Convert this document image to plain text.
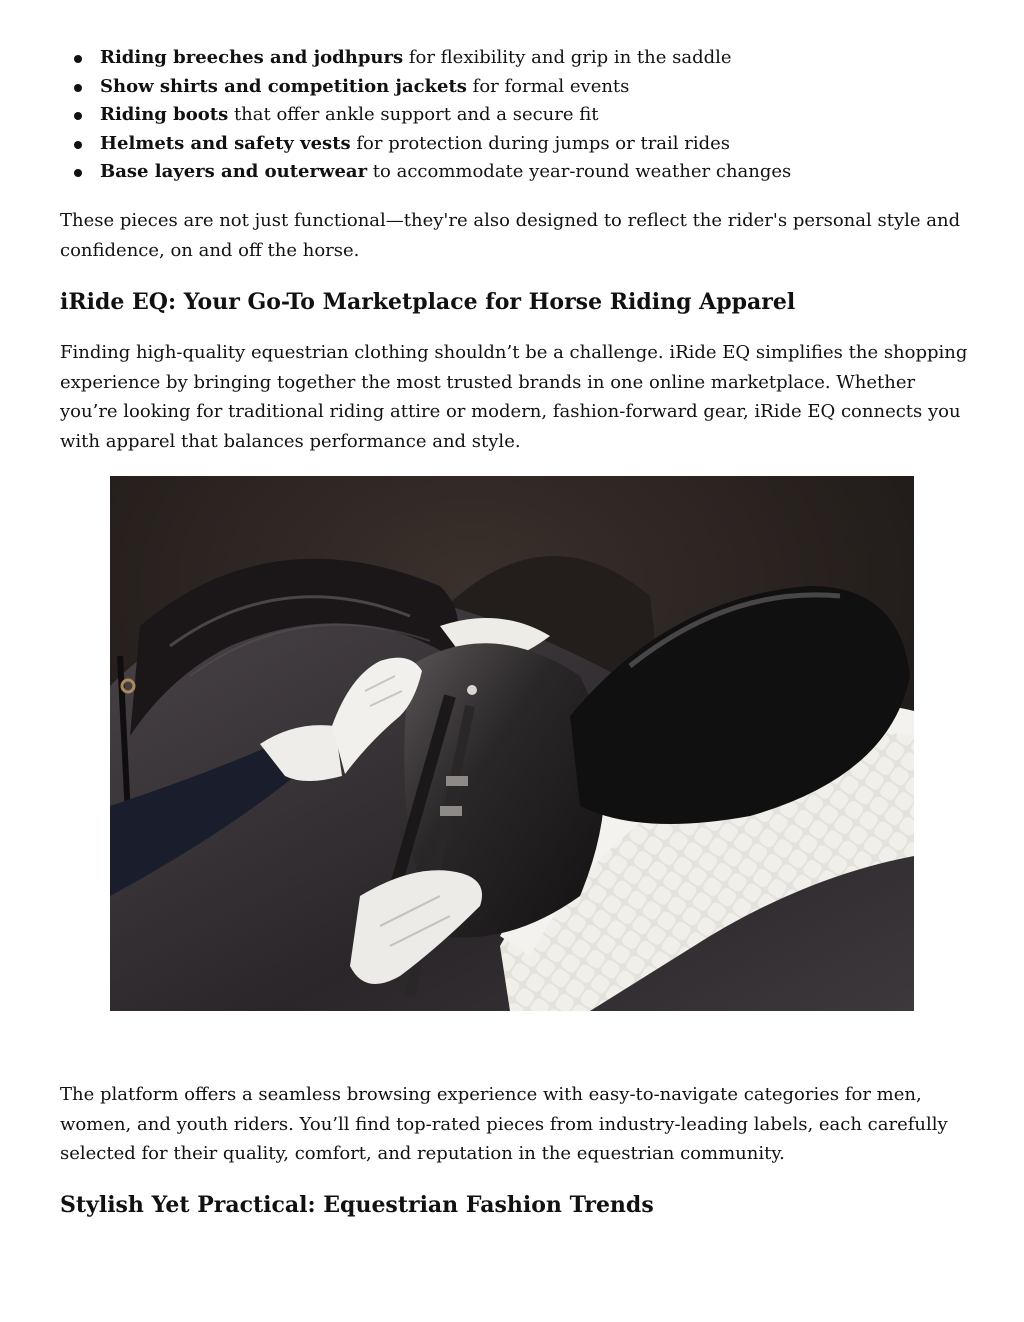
Riding breeches and jodhpurs for flexibility and grip in the saddle
Show shirts and competition jackets for formal events
Riding boots that offer ankle support and a secure fit
Helmets and safety vests for protection during jumps or trail rides
Base layers and outerwear to accommodate year-round weather changes

These pieces are not just functional—they're also designed to reflect the rider's personal style and confidence, on and off the horse.

iRide EQ: Your Go-To Marketplace for Horse Riding Apparel

Finding high-quality equestrian clothing shouldn’t be a challenge. iRide EQ simplifies the shopping experience by bringing together the most trusted brands in one online marketplace. Whether you’re looking for traditional riding attire or modern, fashion-forward gear, iRide EQ connects you with apparel that balances performance and style.

The platform offers a seamless browsing experience with easy-to-navigate categories for men, women, and youth riders. You’ll find top-rated pieces from industry-leading labels, each carefully selected for their quality, comfort, and reputation in the equestrian community.

Stylish Yet Practical: Equestrian Fashion Trends
